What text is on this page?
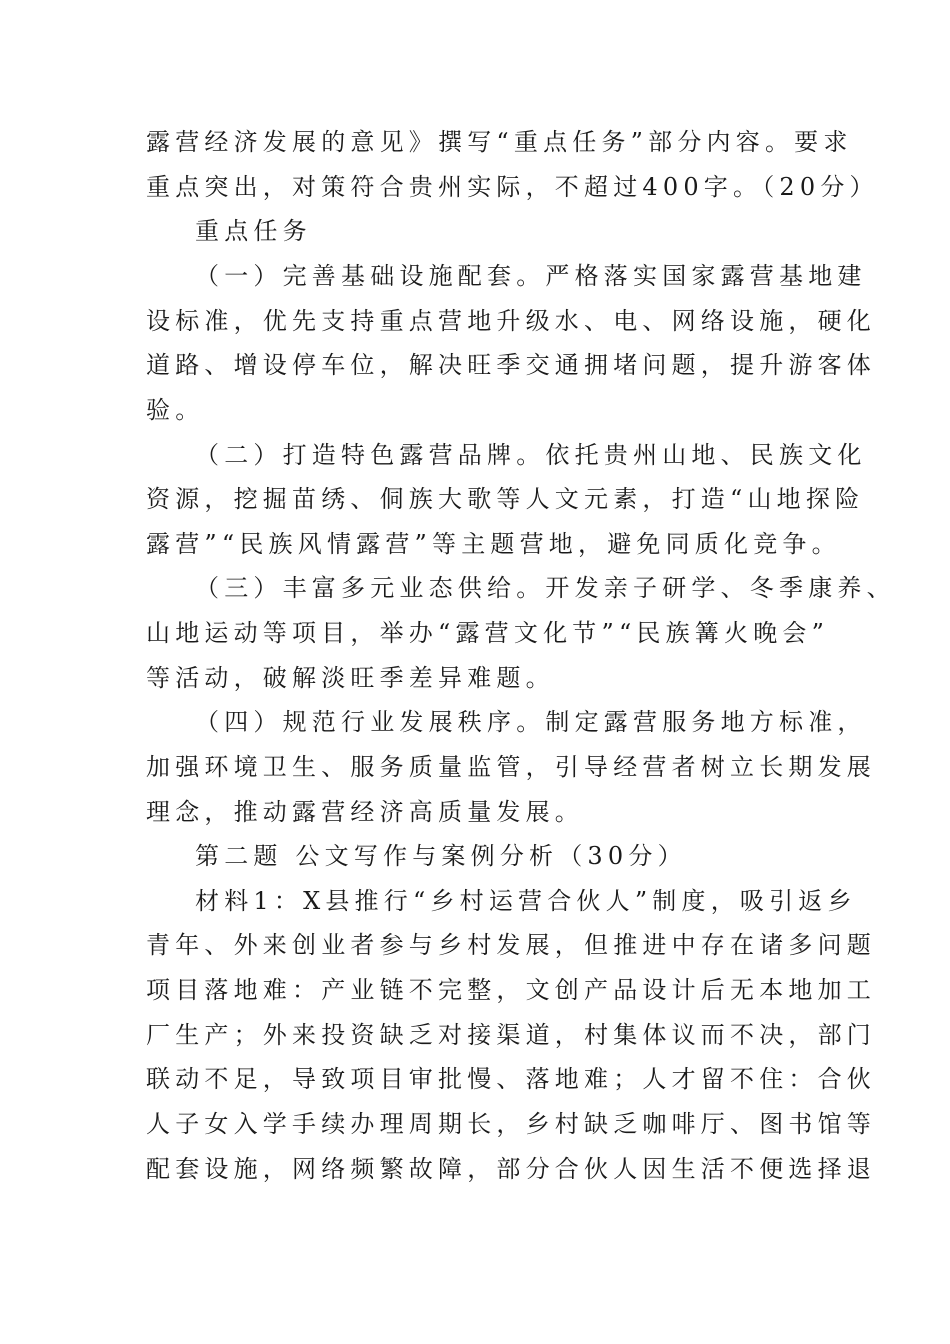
露营经济发展的意见》撰写“重点任务”部分内容。要求
重点突出，对策符合贵州实际，不超过400字。（20分）
重点任务
（一）完善基础设施配套。严格落实国家露营基地建
设标准，优先支持重点营地升级水、电、网络设施，硬化
道路、增设停车位，解决旺季交通拥堵问题，提升游客体
验。
（二）打造特色露营品牌。依托贵州山地、民族文化
资源，挖掘苗绣、侗族大歌等人文元素，打造“山地探险
露营”“民族风情露营”等主题营地，避免同质化竞争。
（三）丰富多元业态供给。开发亲子研学、冬季康养、
山地运动等项目，举办“露营文化节”“民族篝火晚会”
等活动，破解淡旺季差异难题。
（四）规范行业发展秩序。制定露营服务地方标准，
加强环境卫生、服务质量监管，引导经营者树立长期发展
理念，推动露营经济高质量发展。
第二题 公文写作与案例分析（30分）
材料1：X县推行“乡村运营合伙人”制度，吸引返乡
青年、外来创业者参与乡村发展，但推进中存在诸多问题
项目落地难：产业链不完整，文创产品设计后无本地加工
厂生产；外来投资缺乏对接渠道，村集体议而不决，部门
联动不足，导致项目审批慢、落地难；人才留不住：合伙
人子女入学手续办理周期长，乡村缺乏咖啡厅、图书馆等
配套设施，网络频繁故障，部分合伙人因生活不便选择退
